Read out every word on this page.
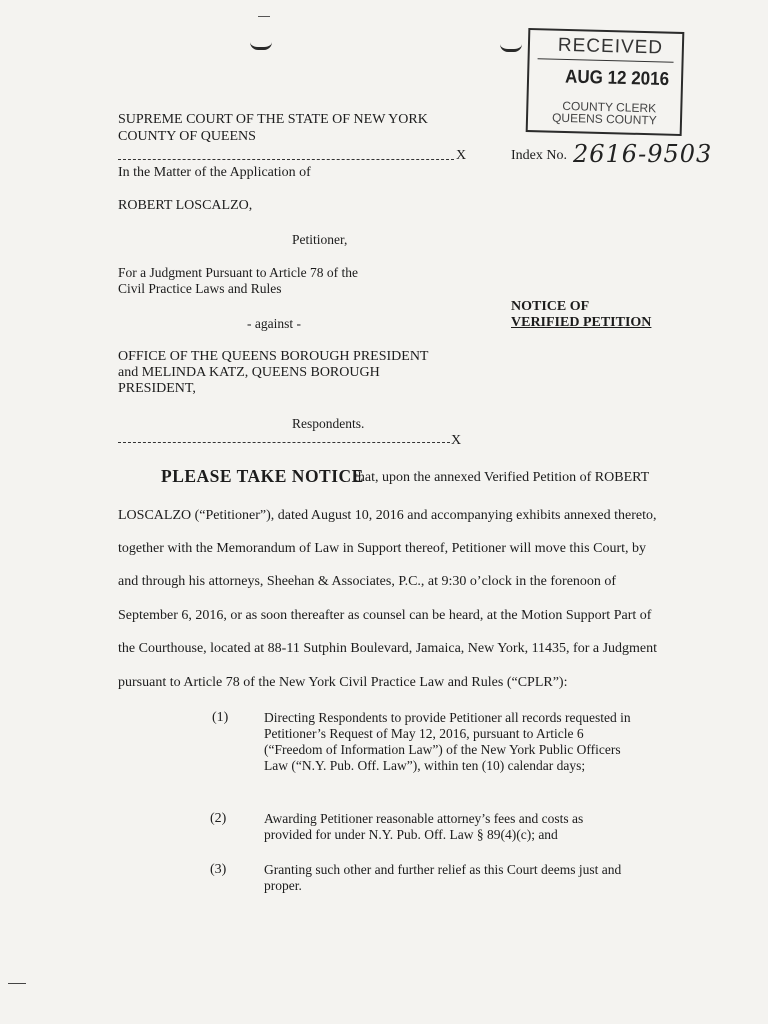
RECEIVED
AUG 12 2016
COUNTY CLERK
QUEENS COUNTY
SUPREME COURT OF THE STATE OF NEW YORK
COUNTY OF QUEENS
X	Index No. 2616-9503
In the Matter of the Application of
ROBERT LOSCALZO,
Petitioner,
For a Judgment Pursuant to Article 78 of the
Civil Practice Laws and Rules
NOTICE OF
VERIFIED PETITION
- against -
OFFICE OF THE QUEENS BOROUGH PRESIDENT
and MELINDA KATZ, QUEENS BOROUGH
PRESIDENT,
Respondents.
X
PLEASE TAKE NOTICE
that, upon the annexed Verified Petition of ROBERT
LOSCALZO (“Petitioner”), dated August 10, 2016 and accompanying exhibits annexed thereto,
together with the Memorandum of Law in Support thereof, Petitioner will move this Court, by
and through his attorneys, Sheehan & Associates, P.C., at 9:30 o’clock in the forenoon of
September 6, 2016, or as soon thereafter as counsel can be heard, at the Motion Support Part of
the Courthouse, located at 88-11 Sutphin Boulevard, Jamaica, New York, 11435, for a Judgment
pursuant to Article 78 of the New York Civil Practice Law and Rules (“CPLR”):
(1)	Directing Respondents to provide Petitioner all records requested in Petitioner’s Request of May 12, 2016, pursuant to Article 6 (“Freedom of Information Law”) of the New York Public Officers Law (“N.Y. Pub. Off. Law”), within ten (10) calendar days;
(2)	Awarding Petitioner reasonable attorney’s fees and costs as provided for under N.Y. Pub. Off. Law § 89(4)(c); and
(3)	Granting such other and further relief as this Court deems just and proper.
